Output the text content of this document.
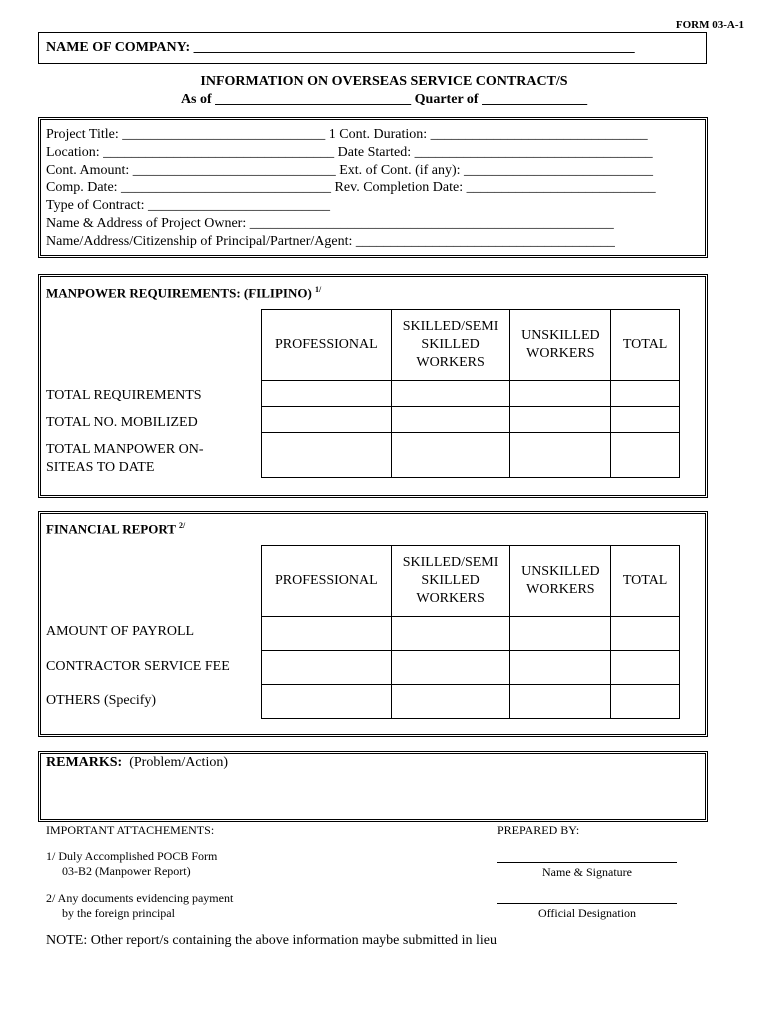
FORM 03-A-1
NAME OF COMPANY: _______________________________________________________________
INFORMATION ON OVERSEAS SERVICE CONTRACT/S
As of ____________________________ Quarter of _______________
Project Title: _____________________________ 1 Cont. Duration: _______________________________
Location: _________________________________ Date Started: __________________________________
Cont. Amount: _____________________________ Ext. of Cont. (if any): ___________________________
Comp. Date: ______________________________ Rev. Completion Date: ___________________________
Type of Contract: __________________________
Name & Address of Project Owner: ____________________________________________________
Name/Address/Citizenship of Principal/Partner/Agent: _____________________________________
MANPOWER REQUIREMENTS: (FILIPINO) $^{1/}$
PROFESSIONAL	SKILLED/SEMI SKILLED WORKERS	UNSKILLED WORKERS	TOTAL

TOTAL REQUIREMENTS
TOTAL NO. MOBILIZED
TOTAL MANPOWER ON-SITEAS TO DATE
FINANCIAL REPORT $^{2/}$
PROFESSIONAL	SKILLED/SEMI SKILLED WORKERS	UNSKILLED WORKERS	TOTAL

AMOUNT OF PAYROLL
CONTRACTOR SERVICE FEE
OTHERS (Specify)
REMARKS: (Problem/Action)
IMPORTANT ATTACHEMENTS:
1/ Duly Accomplished POCB Form
03-B2 (Manpower Report)
2/ Any documents evidencing payment
by the foreign principal
PREPARED BY:
Name & Signature
Official Designation
NOTE: Other report/s containing the above information maybe submitted in lieu
